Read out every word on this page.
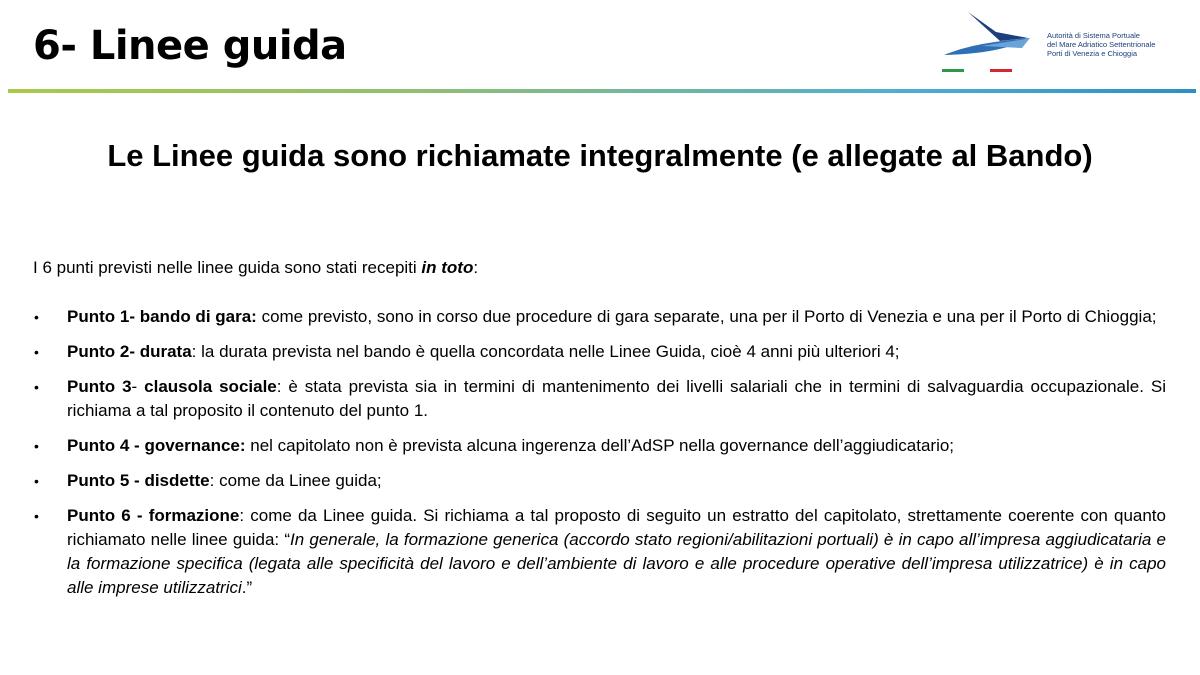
6- Linee guida	Autorità di Sistema Portuale
del Mare Adriatico Settentrionale
Porti di Venezia e Chioggia
Le Linee guida sono richiamate integralmente (e allegate al Bando)

I 6 punti previsti nelle linee guida sono stati recepiti in toto:

• Punto 1- bando di gara: come previsto, sono in corso due procedure di gara separate, una per il Porto di Venezia e una per il Porto di Chioggia;
• Punto 2- durata: la durata prevista nel bando è quella concordata nelle Linee Guida, cioè 4 anni più ulteriori 4;
• Punto 3- clausola sociale: è stata prevista sia in termini di mantenimento dei livelli salariali che in termini di salvaguardia occupazionale. Si richiama a tal proposito il contenuto del punto 1.
• Punto 4 - governance: nel capitolato non è prevista alcuna ingerenza dell’AdSP nella governance dell’aggiudicatario;
• Punto 5 - disdette: come da Linee guida;
• Punto 6 - formazione: come da Linee guida. Si richiama a tal proposto di seguito un estratto del capitolato, strettamente coerente con quanto richiamato nelle linee guida: “In generale, la formazione generica (accordo stato regioni/abilitazioni portuali) è in capo all’impresa aggiudicataria e la formazione specifica (legata alle specificità del lavoro e dell’ambiente di lavoro e alle procedure operative dell’impresa utilizzatrice) è in capo alle imprese utilizzatrici.”
